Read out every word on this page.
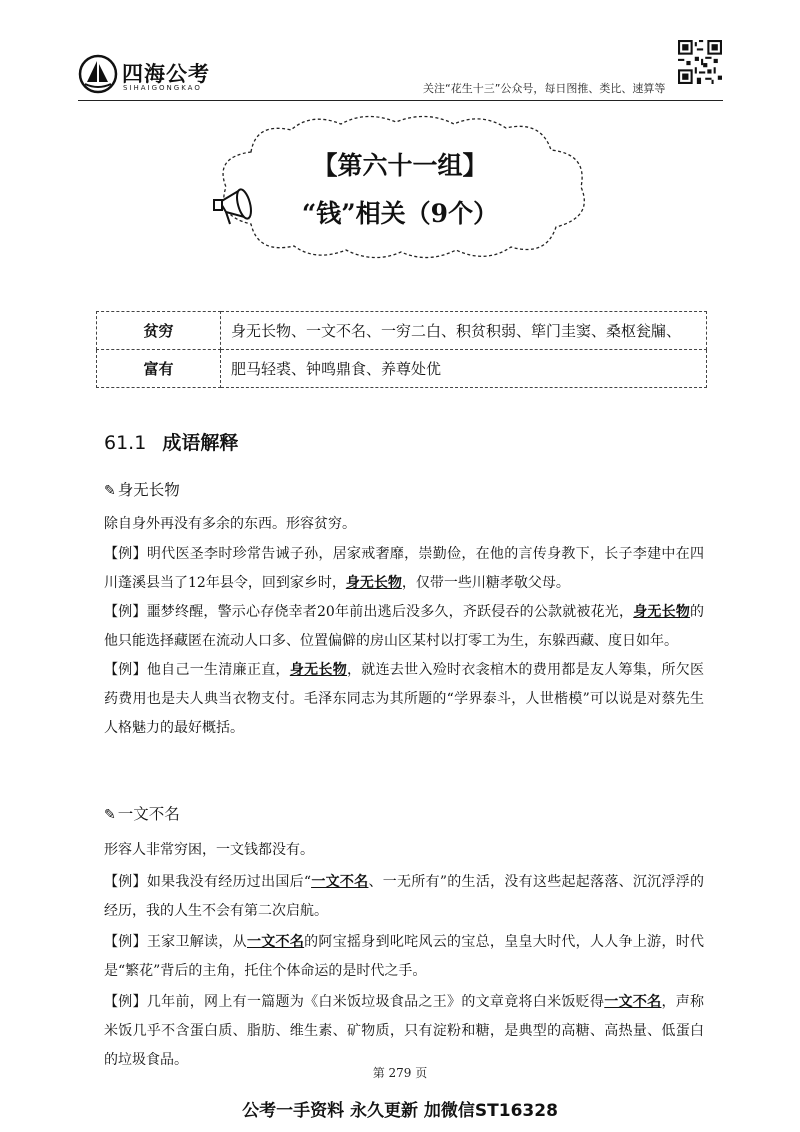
四海公考
SIHAIGONGKAO	关注“花生十三”公众号，每日图推、类比、速算等
【第六十一组】
“钱”相关（9个）
贫穷	身无长物、一文不名、一穷二白、积贫积弱、筚门圭窦、桑枢瓮牖、
富有	肥马轻裘、钟鸣鼎食、养尊处优
61.1 成语解释
✎ 身无长物
除自身外再没有多余的东西。形容贫穷。
【例】明代医圣李时珍常告诫子孙，居家戒奢靡，崇勤俭，在他的言传身教下，长子李建中在四川蓬溪县当了12年县令，回到家乡时，身无长物，仅带一些川糖孝敬父母。
【例】噩梦终醒，警示心存侥幸者20年前出逃后没多久，齐跃侵吞的公款就被花光，身无长物的他只能选择藏匿在流动人口多、位置偏僻的房山区某村以打零工为生，东躲西藏、度日如年。
【例】他自己一生清廉正直，身无长物，就连去世入殓时衣衾棺木的费用都是友人筹集，所欠医药费用也是夫人典当衣物支付。毛泽东同志为其所题的“学界泰斗，人世楷模”可以说是对蔡先生人格魅力的最好概括。
✎ 一文不名
形容人非常穷困，一文钱都没有。
【例】如果我没有经历过出国后“一文不名、一无所有”的生活，没有这些起起落落、沉沉浮浮的经历，我的人生不会有第二次启航。
【例】王家卫解读，从一文不名的阿宝摇身到叱咤风云的宝总，皇皇大时代，人人争上游，时代是“繁花”背后的主角，托住个体命运的是时代之手。
【例】几年前，网上有一篇题为《白米饭垃圾食品之王》的文章竟将白米饭贬得一文不名，声称米饭几乎不含蛋白质、脂肪、维生素、矿物质，只有淀粉和糖，是典型的高糖、高热量、低蛋白的垃圾食品。
第 279 页
公考一手资料 永久更新 加微信ST16328
